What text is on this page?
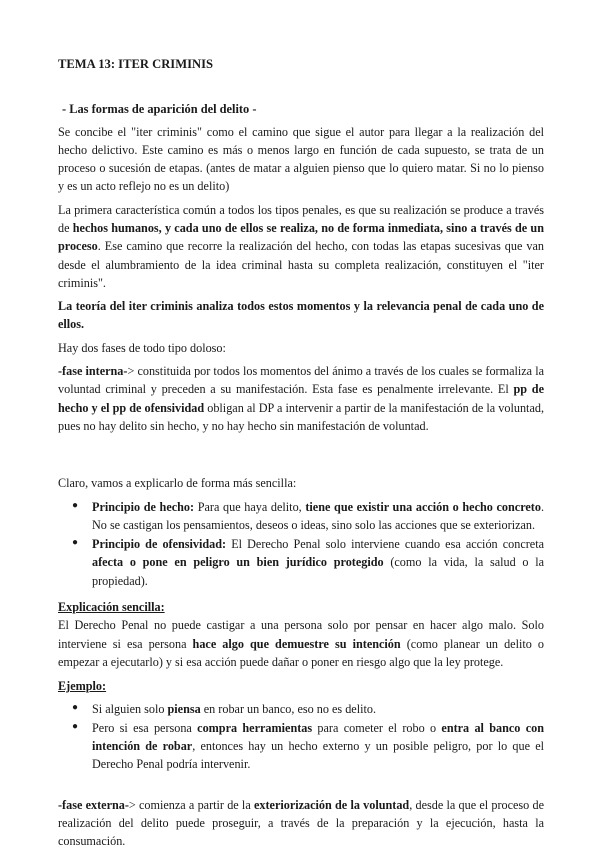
TEMA 13: ITER CRIMINIS
- Las formas de aparición del delito -

Se concibe el "iter criminis" como el camino que sigue el autor para llegar a la realización del hecho delictivo. Este camino es más o menos largo en función de cada supuesto, se trata de un proceso o sucesión de etapas. (antes de matar a alguien pienso que lo quiero matar. Si no lo pienso y es un acto reflejo no es un delito)

La primera característica común a todos los tipos penales, es que su realización se produce a través de hechos humanos, y cada uno de ellos se realiza, no de forma inmediata, sino a través de un proceso. Ese camino que recorre la realización del hecho, con todas las etapas sucesivas que van desde el alumbramiento de la idea criminal hasta su completa realización, constituyen el "iter criminis".

La teoría del iter criminis analiza todos estos momentos y la relevancia penal de cada uno de ellos.

Hay dos fases de todo tipo doloso:

-fase interna-> constituida por todos los momentos del ánimo a través de los cuales se formaliza la voluntad criminal y preceden a su manifestación. Esta fase es penalmente irrelevante. El pp de hecho y el pp de ofensividad obligan al DP a intervenir a partir de la manifestación de la voluntad, pues no hay delito sin hecho, y no hay hecho sin manifestación de voluntad.

Claro, vamos a explicarlo de forma más sencilla:

● Principio de hecho: Para que haya delito, tiene que existir una acción o hecho concreto. No se castigan los pensamientos, deseos o ideas, sino solo las acciones que se exteriorizan.
● Principio de ofensividad: El Derecho Penal solo interviene cuando esa acción concreta afecta o pone en peligro un bien jurídico protegido (como la vida, la salud o la propiedad).

Explicación sencilla:

El Derecho Penal no puede castigar a una persona solo por pensar en hacer algo malo. Solo interviene si esa persona hace algo que demuestre su intención (como planear un delito o empezar a ejecutarlo) y si esa acción puede dañar o poner en riesgo algo que la ley protege.

Ejemplo:

● Si alguien solo piensa en robar un banco, eso no es delito.
● Pero si esa persona compra herramientas para cometer el robo o entra al banco con intención de robar, entonces hay un hecho externo y un posible peligro, por lo que el Derecho Penal podría intervenir.

-fase externa-> comienza a partir de la exteriorización de la voluntad, desde la que el proceso de realización del delito puede proseguir, a través de la preparación y la ejecución, hasta la consumación.
